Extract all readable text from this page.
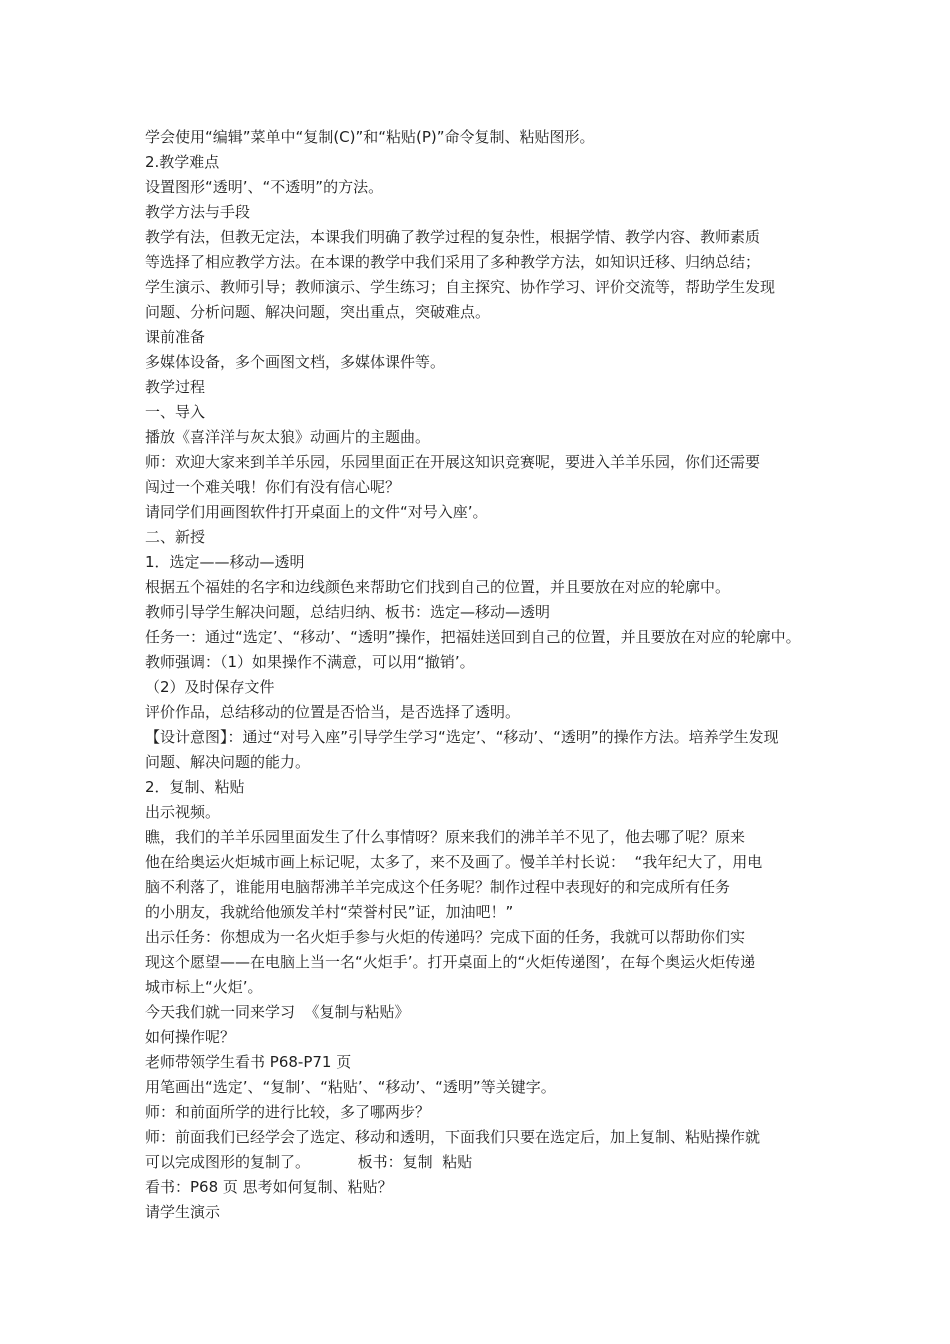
学会使用“编辑”菜单中“复制(C)”和“粘贴(P)”命令复制、粘贴图形。
2.教学难点
设置图形“透明’、“不透明”的方法。
教学方法与手段
教学有法，但教无定法，本课我们明确了教学过程的复杂性，根据学情、教学内容、教师素质
等选择了相应教学方法。在本课的教学中我们采用了多种教学方法，如知识迁移、归纳总结；
学生演示、教师引导；教师演示、学生练习；自主探究、协作学习、评价交流等，帮助学生发现
问题、分析问题、解决问题，突出重点，突破难点。
课前准备
多媒体设备，多个画图文档，多媒体课件等。
教学过程
一、导入
播放《喜洋洋与灰太狼》动画片的主题曲。
师：欢迎大家来到羊羊乐园，乐园里面正在开展这知识竞赛呢，要进入羊羊乐园，你们还需要
闯过一个难关哦！你们有没有信心呢？
请同学们用画图软件打开桌面上的文件“对号入座’。
二、新授
1．选定——移动—透明
根据五个福娃的名字和边线颜色来帮助它们找到自己的位置，并且要放在对应的轮廓中。
教师引导学生解决问题，总结归纳、板书：选定—移动—透明
任务一：通过“选定’、“移动’、“透明”操作，把福娃送回到自己的位置，并且要放在对应的轮廓中。
教师强调：（1）如果操作不满意，可以用“撤销’。
（2）及时保存文件
评价作品，总结移动的位置是否恰当，是否选择了透明。
【设计意图】：通过“对号入座”引导学生学习“选定’、“移动’、“透明”的操作方法。培养学生发现
问题、解决问题的能力。
2．复制、粘贴
出示视频。
瞧，我们的羊羊乐园里面发生了什么事情呀？原来我们的沸羊羊不见了，他去哪了呢？原来
他在给奥运火炬城市画上标记呢，太多了，来不及画了。慢羊羊村长说：  “我年纪大了，用电
脑不利落了，谁能用电脑帮沸羊羊完成这个任务呢？制作过程中表现好的和完成所有任务
的小朋友，我就给他颁发羊村“荣誉村民”证，加油吧！”
出示任务：你想成为一名火炬手参与火炬的传递吗？完成下面的任务，我就可以帮助你们实
现这个愿望——在电脑上当一名“火炬手’。打开桌面上的“火炬传递图’，在每个奥运火炬传递
城市标上“火炬’。
今天我们就一同来学习  《复制与粘贴》
如何操作呢？
老师带领学生看书 P68-P71 页
用笔画出“选定’、“复制’、“粘贴’、“移动’、“透明”等关键字。
师：和前面所学的进行比较，多了哪两步？
师：前面我们已经学会了选定、移动和透明，下面我们只要在选定后，加上复制、粘贴操作就
可以完成图形的复制了。          板书：复制  粘贴
看书：P68 页 思考如何复制、粘贴？
请学生演示
